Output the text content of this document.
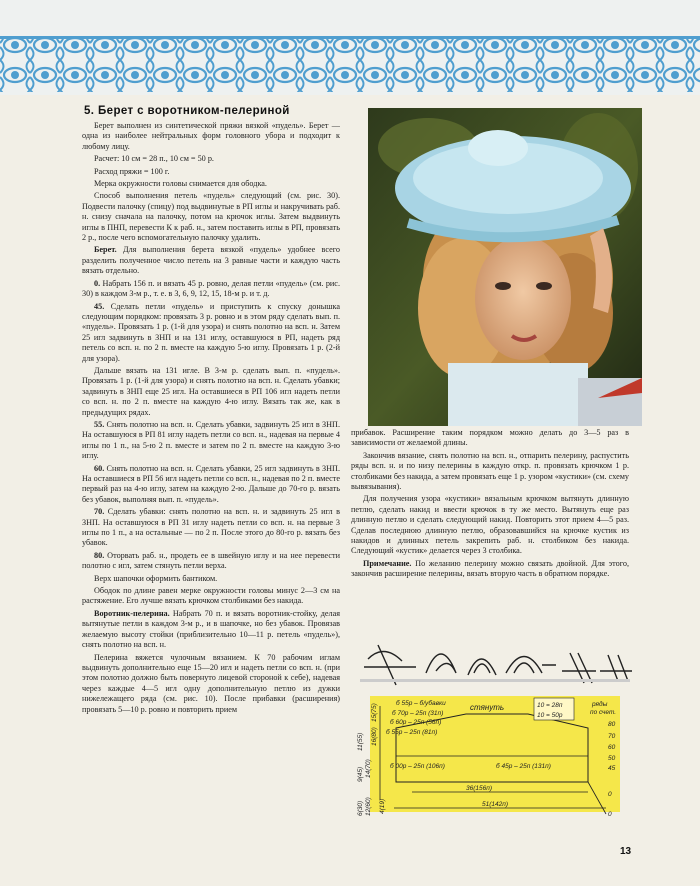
5. Берет с воротником-пелериной

Берет выполнен из синтетической пряжи вязкой «пудель». Берет — одна из наиболее нейтральных форм головного убора и подходит к любому лицу.

Расчет: 10 см = 28 п., 10 см = 50 р.

Расход пряжи = 100 г.

Мерка окружности головы снимается для ободка.

Способ выполнения петель «пудель» следующий (см. рис. 30). Подвести палочку (спицу) под выдвинутые в РП иглы и накручивать раб. н. снизу сначала на палочку, потом на крючок иглы. Затем выдвинуть иглы в ПНП, перевести К к раб. н., затем поставить иглы в РП, провязать 2 р., после чего вспомогательную палочку удалить.

Берет. Для выполнения берета вязкой «пудель» удобнее всего разделить полученное число петель на 3 равные части и каждую часть вязать отдельно.

0. Набрать 156 п. и вязать 45 р. ровно, делая петли «пудель» (см. рис. 30) в каждом 3-м р., т. е. в 3, 6, 9, 12, 15, 18-м р. и т. д.

45. Сделать петли «пудель» и приступить к спуску донышка следующим порядком: провязать 3 р. ровно и в этом ряду сделать вып. п. «пудель». Провязать 1 р. (1-й для узора) и снять полотно на всп. н. Затем 25 игл задвинуть в ЗНП и на 131 иглу, оставшуюся в РП, надеть ряд петель со всп. н. по 2 п. вместе на каждую 5-ю иглу. Провязать 1 р. (2-й для узора).

Дальше вязать на 131 игле. В 3-м р. сделать вып. п. «пудель». Провязать 1 р. (1-й для узора) и снять полотно на всп. н. Сделать убавки; задвинуть в ЗНП еще 25 игл. На оставшиеся в РП 106 игл надеть петли со всп. н. по 2 п. вместе на каждую 4-ю иглу. Вязать так же, как в предыдущих рядах.

55. Снять полотно на всп. н. Сделать убавки, задвинуть 25 игл в ЗНП. На оставшуюся в РП 81 иглу надеть петли со всп. н., надевая на первые 4 иглы по 1 п., на 5-ю 2 п. вместе и затем по 2 п. вместе на каждую 3-ю иглу.

60. Снять полотно на всп. н. Сделать убавки, 25 игл задвинуть в ЗНП. На оставшиеся в РП 56 игл надеть петли со всп. н., надевая по 2 п. вместе первый раз на 4-ю иглу, затем на каждую 2-ю. Дальше до 70-го р. вязать без убавок, выполняя вып. п. «пудель».

70. Сделать убавки: снять полотно на всп. н. и задвинуть 25 игл в ЗНП. На оставшуюся в РП 31 иглу надеть петли со всп. н. на первые 3 иглы по 1 п., а на остальные — по 2 п. После этого до 80-го р. вязать без убавок.

80. Оторвать раб. н., продеть ее в швейную иглу и на нее перевести полотно с игл, затем стянуть петли верха.

Верх шапочки оформить бантиком.

Ободок по длине равен мерке окружности головы минус 2—3 см на растяжение. Его лучше вязать крючком столбиками без накида.

Воротник-пелерина. Набрать 70 п. и вязать воротник-стойку, делая вытянутые петли в каждом 3-м р., и в шапочке, но без убавок. Провязав желаемую высоту стойки (приблизительно 10—11 р. петель «пудель»), снять полотно на всп. н.

Пелерина вяжется чулочным вязанием. К 70 рабочим иглам выдвинуть дополнительно еще 15—20 игл и надеть петли со всп. н. (при этом полотно должно быть повернуто лицевой стороной к себе), надевая через каждые 4—5 игл одну дополнительную петлю из дужки нижележащего ряда (см. рис. 10). После прибавки (расширения) провязать 5—10 р. ровно и повторить прием

прибавок. Расширение таким порядком можно делать до 3—5 раз в зависимости от желаемой длины.

Закончив вязание, снять полотно на всп. н., отпарить пелерину, распустить ряды всп. н. и по низу пелерины в каждую откр. п. провязать крючком 1 р. столбиками без накида, а затем провязать еще 1 р. узором «кустики» (см. схему вывязывания).

Для получения узора «кустики» вязальным крючком вытянуть длинную петлю, сделать накид и ввести крючок в ту же место. Вытянуть еще раз длинную петлю и сделать следующий накид. Повторить этот прием 4—5 раз. Сделав последнюю длинную петлю, образовавшийся на крючке кустик из накидов и длинных петель закрепить раб. н. столбиком без накида. Следующий «кустик» делается через 3 столбика.

Примечание. По желанию пелерину можно связать двойной. Для этого, закончив расширение пелерины, вязать вторую часть в обратном порядке.

4(19)
6(30)
9(45)
11(55)
12(60)
14(70)
16(80)
15(75)	б 55р – б/убавки
б 70р – 25п (31п)
б 60р – 25п (56п)
б 55р – 25п (81п)
б 00р – 25п (106п)	б 45р – 25п (131п)
стянуть
36(156п)
51(142п)
10 = 28п
10 = 50р
ряды
по счет.
80
70
60
50
45
0
0
13
